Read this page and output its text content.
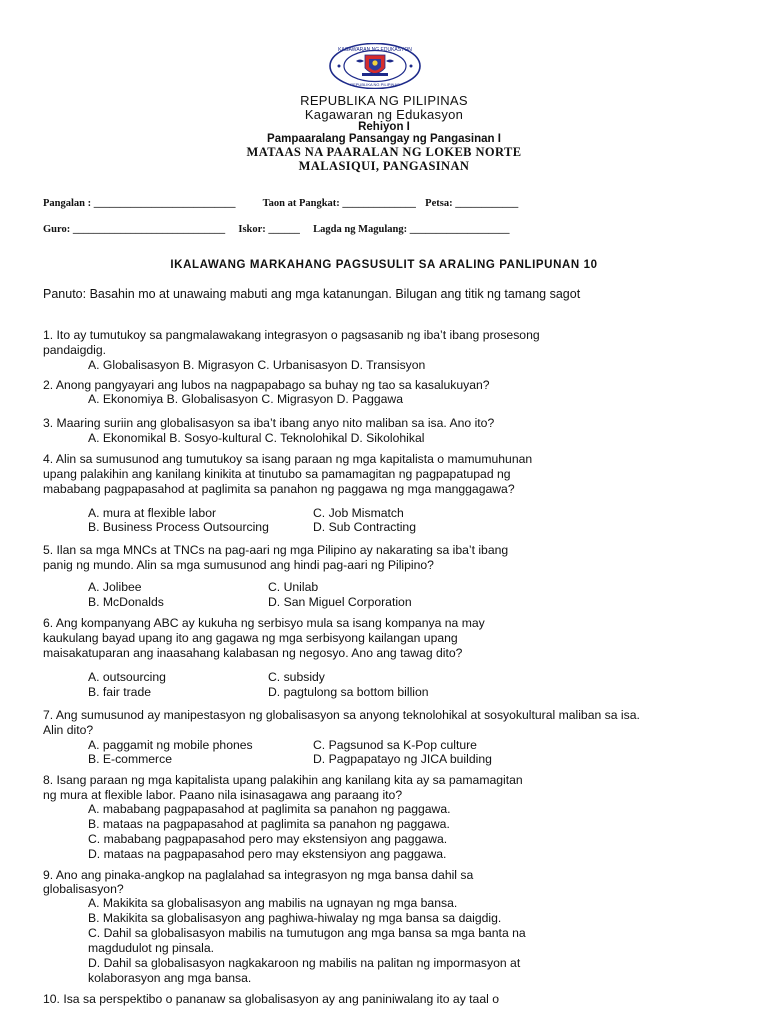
KAGAWARAN NG EDUKASYON
REPUBLIKA NG PILIPINAS
REPUBLIKA NG PILIPINAS
Kagawaran ng Edukasyon
Rehiyon I
Pampaaralang Pansangay ng Pangasinan I
MATAAS NA PAARALAN NG LOKEB NORTE
MALASIQUI, PANGASINAN
Pangalan : ___________________________	Taon at Pangkat: ______________ Petsa: ____________
Guro: _____________________________ Iskor: ______ Lagda ng Magulang: ___________________
IKALAWANG MARKAHANG PAGSUSULIT SA ARALING PANLIPUNAN 10
Panuto: Basahin mo at unawaing mabuti ang mga katanungan. Bilugan ang titik ng tamang sagot
1. Ito ay tumutukoy sa pangmalawakang integrasyon o pagsasanib ng iba’t ibang prosesong
pandaigdig.
A. Globalisasyon B. Migrasyon C. Urbanisasyon D. Transisyon
2. Anong pangyayari ang lubos na nagpapabago sa buhay ng tao sa kasalukuyan?
A. Ekonomiya B. Globalisasyon C. Migrasyon D. Paggawa
3. Maaring suriin ang globalisasyon sa iba’t ibang anyo nito maliban sa isa. Ano ito?
A. Ekonomikal B. Sosyo-kultural C. Teknolohikal D. Sikolohikal
4. Alin sa sumusunod ang tumutukoy sa isang paraan ng mga kapitalista o mamumuhunan
upang palakihin ang kanilang kinikita at tinutubo sa pamamagitan ng pagpapatupad ng
mababang pagpapasahod at paglimita sa panahon ng paggawa ng mga manggagawa?
A. mura at flexible labor	C. Job Mismatch
B. Business Process Outsourcing	D. Sub Contracting
5. Ilan sa mga MNCs at TNCs na pag-aari ng mga Pilipino ay nakarating sa iba’t ibang
panig ng mundo. Alin sa mga sumusunod ang hindi pag-aari ng Pilipino?
A. Jolibee	C. Unilab
B. McDonalds	D. San Miguel Corporation
6. Ang kompanyang ABC ay kukuha ng serbisyo mula sa isang kompanya na may
kaukulang bayad upang ito ang gagawa ng mga serbisyong kailangan upang
maisakatuparan ang inaasahang kalabasan ng negosyo. Ano ang tawag dito?
A. outsourcing	C. subsidy
B. fair trade	D. pagtulong sa bottom billion
7. Ang sumusunod ay manipestasyon ng globalisasyon sa anyong teknolohikal at sosyokultural maliban sa isa.
Alin dito?
A. paggamit ng mobile phones	C. Pagsunod sa K-Pop culture
B. E-commerce	D. Pagpapatayo ng JICA building
8. Isang paraan ng mga kapitalista upang palakihin ang kanilang kita ay sa pamamagitan
ng mura at flexible labor. Paano nila isinasagawa ang paraang ito?
A. mababang pagpapasahod at paglimita sa panahon ng paggawa.
B. mataas na pagpapasahod at paglimita sa panahon ng paggawa.
C. mababang pagpapasahod pero may ekstensiyon ang paggawa.
D. mataas na pagpapasahod pero may ekstensiyon ang paggawa.
9. Ano ang pinaka-angkop na paglalahad sa integrasyon ng mga bansa dahil sa
globalisasyon?
A. Makikita sa globalisasyon ang mabilis na ugnayan ng mga bansa.
B. Makikita sa globalisasyon ang paghiwa-hiwalay ng mga bansa sa daigdig.
C. Dahil sa globalisasyon mabilis na tumutugon ang mga bansa sa mga banta na
magdudulot ng pinsala.
D. Dahil sa globalisasyon nagkakaroon ng mabilis na palitan ng impormasyon at
kolaborasyon ang mga bansa.
10. Isa sa perspektibo o pananaw sa globalisasyon ay ang paniniwalang ito ay taal o
